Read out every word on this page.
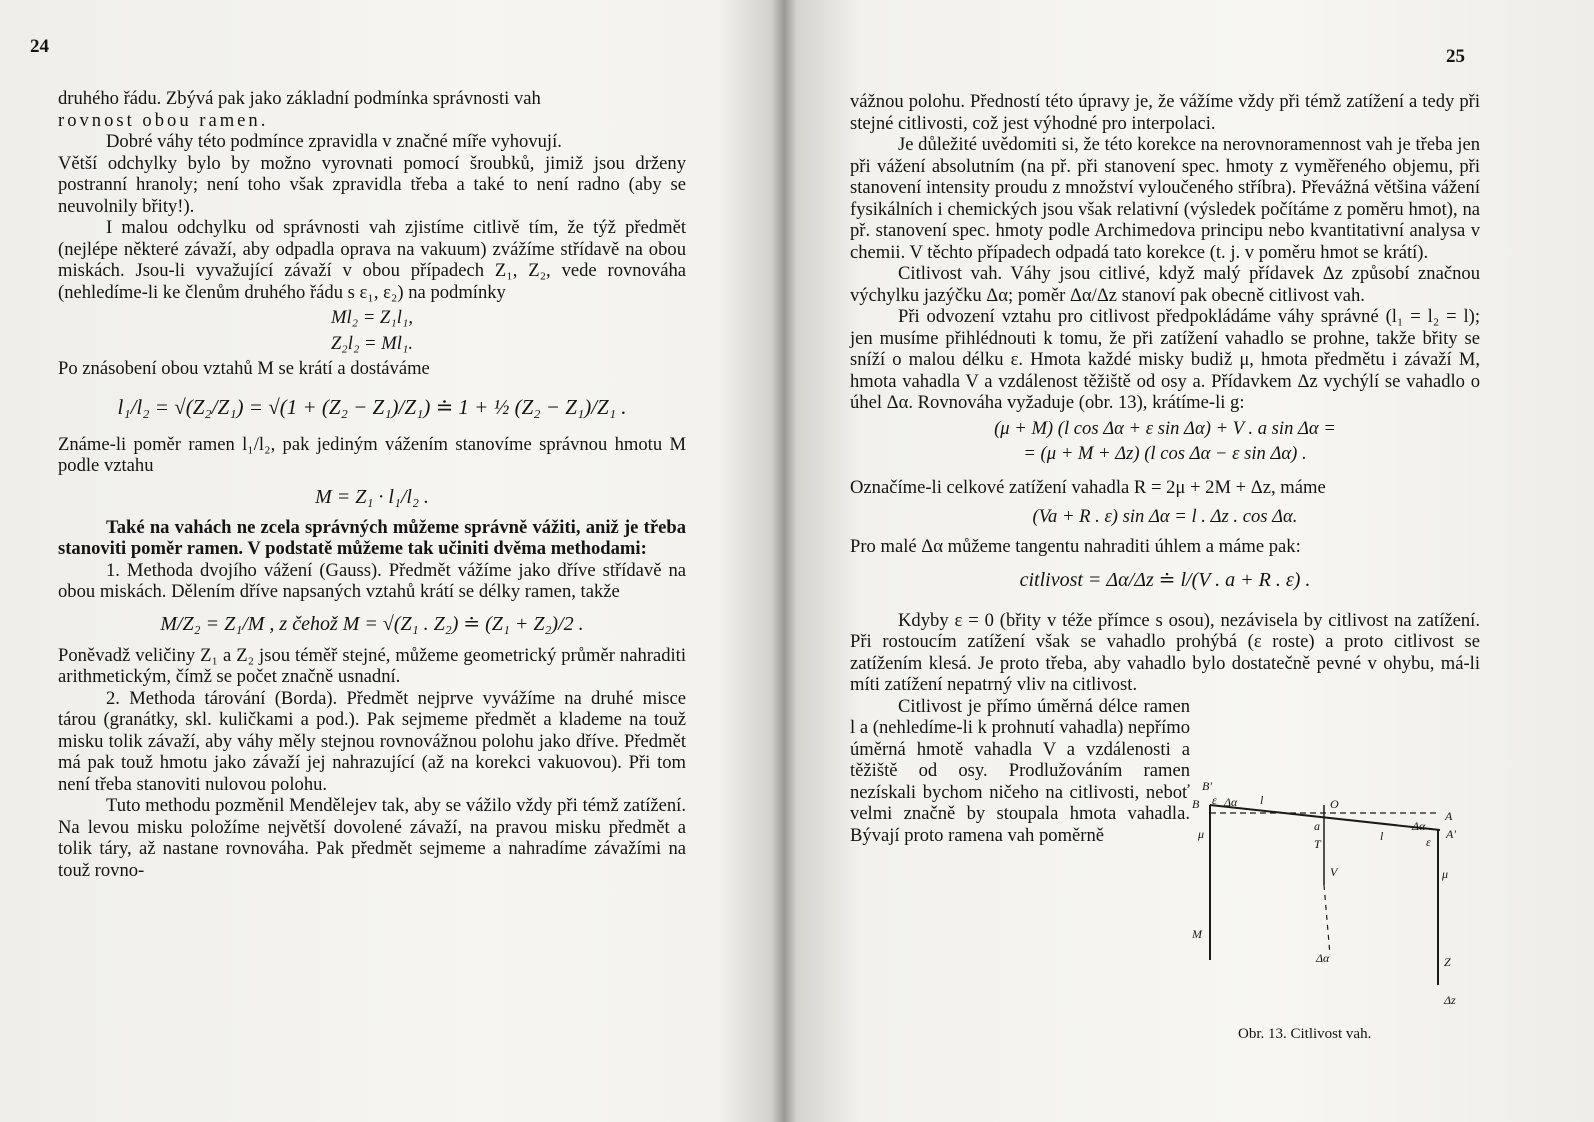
24

druhého řádu. Zbývá pak jako základní podmínka správnosti vah

rovnost obou ramen.

Dobré váhy této podmínce zpravidla v značné míře vyhovují.

Větší odchylky bylo by možno vyrovnati pomocí šroubků, jimiž jsou drženy postranní hranoly; není toho však zpravidla třeba a také to není radno (aby se neuvolnily břity!).

I malou odchylku od správnosti vah zjistíme citlivě tím, že týž předmět (nejlépe některé závaží, aby odpadla oprava na vakuum) zvážíme střídavě na obou miskách. Jsou-li vyvažující závaží v obou případech Z₁, Z₂, vede rovnováha (nehledíme-li ke členům druhého řádu s ε₁, ε₂) na podmínky

Ml₂ = Z₁l₁,

Z₂l₂ = Ml₁.

Po znásobení obou vztahů M se krátí a dostáváme

l₁/l₂ = √(Z₂/Z₁) = √(1 + (Z₂ − Z₁)/Z₁) ≐ 1 + ½ (Z₂ − Z₁)/Z₁ .

Známe-li poměr ramen l₁/l₂, pak jediným vážením stanovíme správnou hmotu M podle vztahu

M = Z₁ · l₁/l₂ .

Také na vahách ne zcela správných můžeme správně vážiti, aniž je třeba stanoviti poměr ramen. V podstatě můžeme tak učiniti dvěma methodami:

1. Methoda dvojího vážení (Gauss). Předmět vážíme jako dříve střídavě na obou miskách. Dělením dříve napsaných vztahů krátí se délky ramen, takže

M/Z₂ = Z₁/M , z čehož M = √(Z₁ . Z₂) ≐ (Z₁ + Z₂)/2 .

Poněvadž veličiny Z₁ a Z₂ jsou téměř stejné, můžeme geometrický průměr nahraditi arithmetickým, čímž se počet značně usnadní.

2. Methoda tárování (Borda). Předmět nejprve vyvážíme na druhé misce tárou (granátky, skl. kuličkami a pod.). Pak sejmeme předmět a klademe na touž misku tolik závaží, aby váhy měly stejnou rovnovážnou polohu jako dříve. Předmět má pak touž hmotu jako závaží jej nahrazující (až na korekci vakuovou). Při tom není třeba stanoviti nulovou polohu.

Tuto methodu pozměnil Mendělejev tak, aby se vážilo vždy při témž zatížení. Na levou misku položíme největší dovolené závaží, na pravou misku předmět a tolik táry, až nastane rovnováha. Pak předmět sejmeme a nahradíme závažími na touž rovno-

25

vážnou polohu. Předností této úpravy je, že vážíme vždy při témž zatížení a tedy při stejné citlivosti, což jest výhodné pro interpolaci.

Je důležité uvědomiti si, že této korekce na nerovnoramennost vah je třeba jen při vážení absolutním (na př. při stanovení spec. hmoty z vyměřeného objemu, při stanovení intensity proudu z množství vyloučeného stříbra). Převážná většina vážení fysikálních i chemických jsou však relativní (výsledek počítáme z poměru hmot), na př. stanovení spec. hmoty podle Archimedova principu nebo kvantitativní analysa v chemii. V těchto případech odpadá tato korekce (t. j. v poměru hmot se krátí).

Citlivost vah. Váhy jsou citlivé, když malý přídavek Δz způsobí značnou výchylku jazýčku Δα; poměr Δα/Δz stanoví pak obecně citlivost vah.

Při odvození vztahu pro citlivost předpokládáme váhy správné (l₁ = l₂ = l); jen musíme přihlédnouti k tomu, že při zatížení vahadlo se prohne, takže břity se sníží o malou délku ε. Hmota každé misky budiž μ, hmota předmětu i závaží M, hmota vahadla V a vzdálenost těžiště od osy a. Přídavkem Δz vychýlí se vahadlo o úhel Δα. Rovnováha vyžaduje (obr. 13), krátíme-li g:

(μ + M) (l cos Δα + ε sin Δα) + V . a sin Δα =

= (μ + M + Δz) (l cos Δα − ε sin Δα) .

Označíme-li celkové zatížení vahadla R = 2μ + 2M + Δz, máme

(Va + R . ε) sin Δα = l . Δz . cos Δα.

Pro malé Δα můžeme tangentu nahraditi úhlem a máme pak:

citlivost = Δα/Δz ≐ l/(V . a + R . ε) .

Kdyby ε = 0 (břity v téže přímce s osou), nezávisela by citlivost na zatížení. Při rostoucím zatížení však se vahadlo prohýbá (ε roste) a proto citlivost se zatížením klesá. Je proto třeba, aby vahadlo bylo dostatečně pevné v ohybu, má-li míti zatížení nepatrný vliv na citlivost.

Citlivost je přímo úměrná délce ramen l a (nehledíme-li k prohnutí vahadla) nepřímo úměrná hmotě vahadla V a vzdálenosti a těžiště od osy. Prodlužováním ramen nezískali bychom ničeho na citlivosti, neboť velmi značně by stoupala hmota vahadla. Bývají proto ramena vah poměrně

B'
B ε Δα l	O
Δα
A'
A
ε
μ
a
T
l
μ
V
M
Δα	Z
Δz
Obr. 13. Citlivost vah.
